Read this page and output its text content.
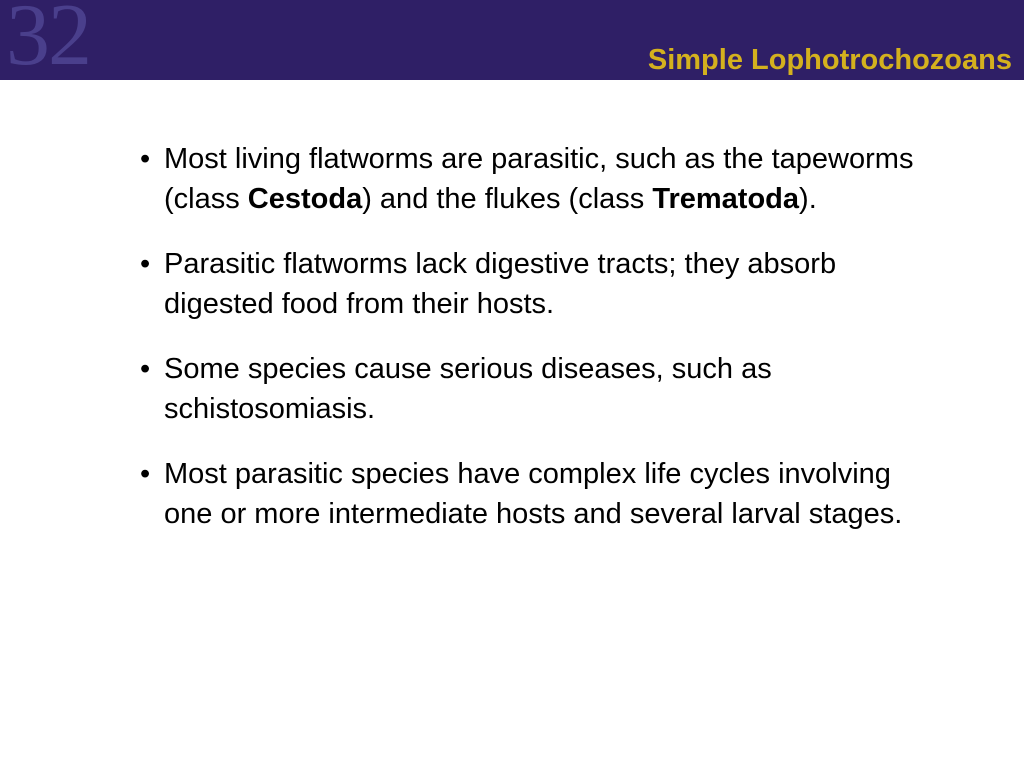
32	Simple Lophotrochozoans
• Most living flatworms are parasitic, such as the tapeworms (class Cestoda) and the flukes (class Trematoda).
• Parasitic flatworms lack digestive tracts; they absorb digested food from their hosts.
• Some species cause serious diseases, such as schistosomiasis.
• Most parasitic species have complex life cycles involving one or more intermediate hosts and several larval stages.
